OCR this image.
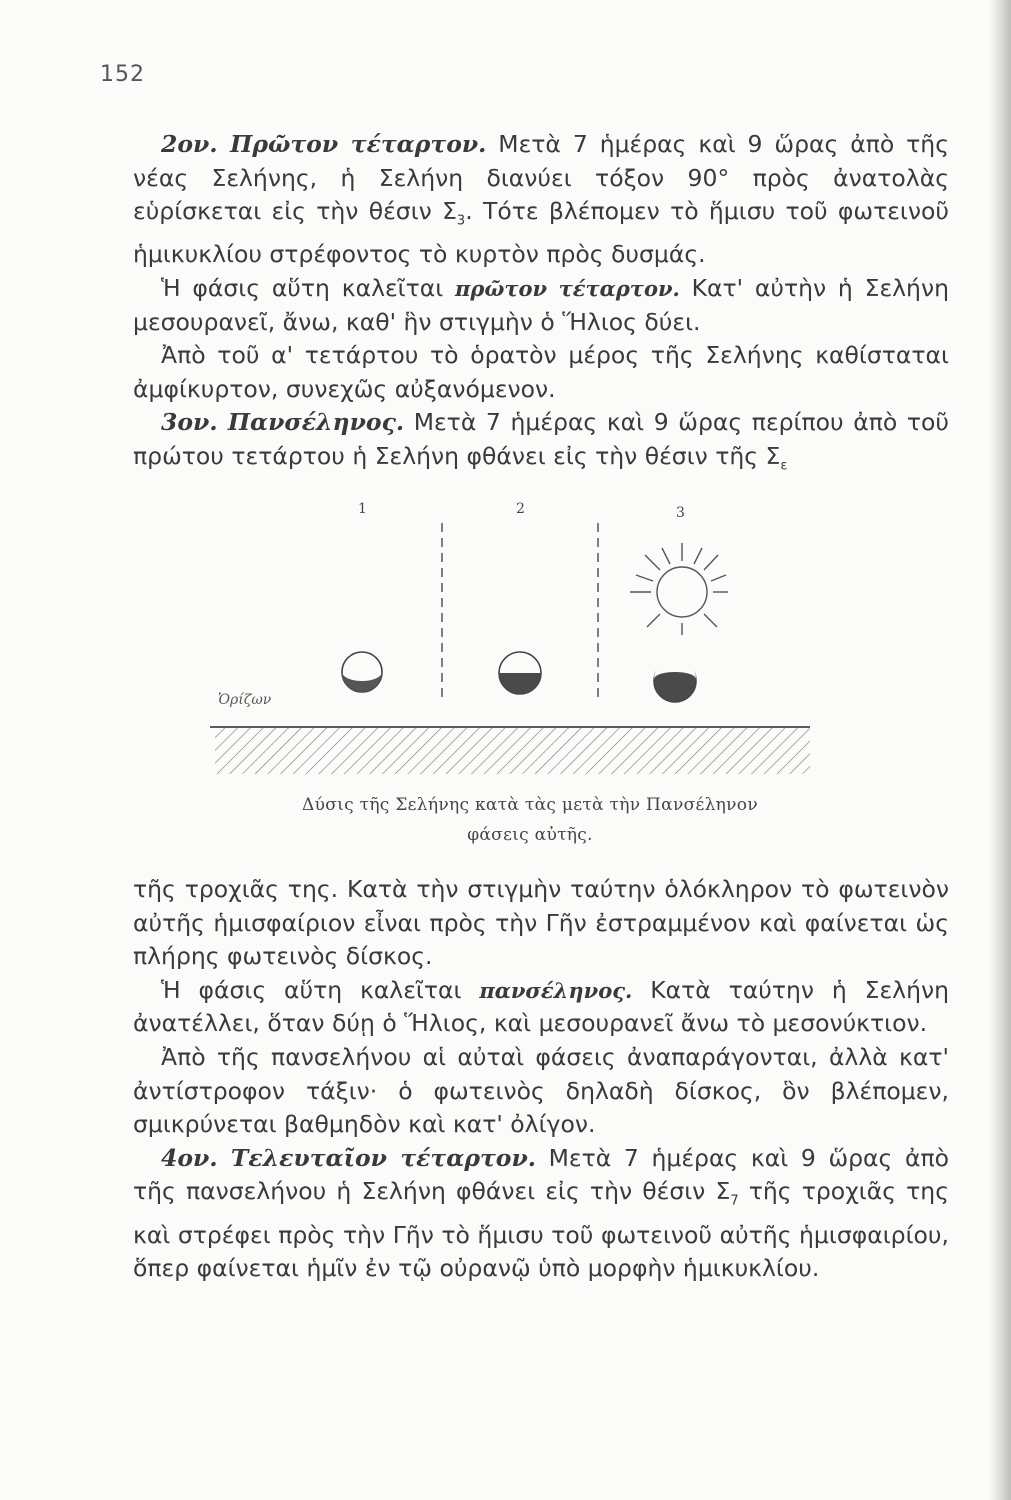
152

2ον. Πρῶτον τέταρτον. Μετὰ 7 ἡμέρας καὶ 9 ὥρας ἀπὸ τῆς νέας Σελήνης, ἡ Σελήνη διανύει τόξον 90° πρὸς ἀνατολὰς εὑρίσκεται εἰς τὴν θέσιν $\Sigma_3$. Τότε βλέπομεν τὸ ἥμισυ τοῦ φωτεινοῦ ἡμικυκλίου στρέφοντος τὸ κυρτὸν πρὸς δυσμάς.

Ἡ φάσις αὕτη καλεῖται πρῶτον τέταρτον. Κατ' αὐτὴν ἡ Σελήνη μεσουρανεῖ, ἄνω, καθ' ἣν στιγμὴν ὁ Ἥλιος δύει.

Ἀπὸ τοῦ α' τετάρτου τὸ ὁρατὸν μέρος τῆς Σελήνης καθίσταται ἀμφίκυρτον, συνεχῶς αὐξανόμενον.

3ον. Πανσέληνος. Μετὰ 7 ἡμέρας καὶ 9 ὥρας περίπου ἀπὸ τοῦ πρώτου τετάρτου ἡ Σελήνη φθάνει εἰς τὴν θέσιν τῆς $\Sigma_\varepsilon$

1	2	3
Ὁρίζων

Δύσις τῆς Σελήνης κατὰ τὰς μετὰ τὴν Πανσέληνον

φάσεις αὐτῆς.

τῆς τροχιᾶς της. Κατὰ τὴν στιγμὴν ταύτην ὁλόκληρον τὸ φωτεινὸν αὐτῆς ἡμισφαίριον εἶναι πρὸς τὴν Γῆν ἐστραμμένον καὶ φαίνεται ὡς πλήρης φωτεινὸς δίσκος.

Ἡ φάσις αὕτη καλεῖται πανσέληνος. Κατὰ ταύτην ἡ Σελήνη ἀνατέλλει, ὅταν δύῃ ὁ Ἥλιος, καὶ μεσουρανεῖ ἄνω τὸ μεσονύκτιον.

Ἀπὸ τῆς πανσελήνου αἱ αὐταὶ φάσεις ἀναπαράγονται, ἀλλὰ κατ' ἀντίστροφον τάξιν· ὁ φωτεινὸς δηλαδὴ δίσκος, ὃν βλέπομεν, σμικρύνεται βαθμηδὸν καὶ κατ' ὀλίγον.

4ον. Τελευταῖον τέταρτον. Μετὰ 7 ἡμέρας καὶ 9 ὥρας ἀπὸ τῆς πανσελήνου ἡ Σελήνη φθάνει εἰς τὴν θέσιν $\Sigma_7$ τῆς τροχιᾶς της καὶ στρέφει πρὸς τὴν Γῆν τὸ ἥμισυ τοῦ φωτεινοῦ αὐτῆς ἡμισφαιρίου, ὅπερ φαίνεται ἡμῖν ἐν τῷ οὐρανῷ ὑπὸ μορφὴν ἡμικυκλίου.
